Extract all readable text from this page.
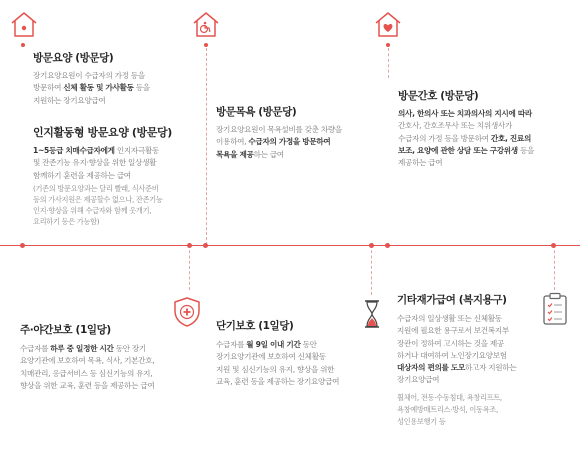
방문요양 (방문당)
장기요양요원이 수급자의 가정 등을
방문하여 신체 활동 및 가사활동 등을
지원하는 장기요양급여
인지활동형 방문요양 (방문당)
1~5등급 치매수급자에게 인지자극활동
및 잔존기능 유지·향상을 위한 일상생활
함께하기 훈련을 제공하는 급여
(기존의 방문요양과는 달리 빨래, 식사준비
등의 가사지원은 제공할수 없으나, 잔존기능
인지·향상을 위해 수급자와 함께 옷개기,
요리하기 등은 가능함)
방문목욕 (방문당)
장기요양요원이 목욕설비를 갖춘 차량을
이용하여, 수급자의 가정을 방문하여
목욕을 제공하는 급여
방문간호 (방문당)
의사, 한의사 또는 치과의사의 지시에 따라
간호사, 간호조무사 또는 치위생사가
수급자의 가정 등을 방문하여 간호, 진료의
보조, 요양에 관한 상담 또는 구강위생 등을
제공하는 급여
주·야간보호 (1일당)
수급자를 하루 중 일정한 시간 동안 장기
요양기관에 보호하여 목욕, 식사, 기본간호,
치매관리, 응급서비스 등 심신기능의 유지,
향상을 위한 교육, 훈련 등을 제공하는 급여
단기보호 (1일당)
수급자를 월 9일 이내 기간 동안
장기요양기관에 보호하여 신체활동
지원 및 심신기능의 유지, 향상을 위한
교육, 훈련 등을 제공하는 장기요양급여
기타재가급여 (복지용구)
수급자의 일상생활 또는 신체활동
지원에 필요한 용구로서 보건복지부
장관이 정하여 고시하는 것을 제공
하거나 대여하여 노인장기요양보험
대상자의 편의를 도모하고자 지원하는
장기요양급여
휠체어, 전동·수동침대, 욕창리프트,
욕창예방매트리스·방석, 이동욕조,
성인용보행기 등
